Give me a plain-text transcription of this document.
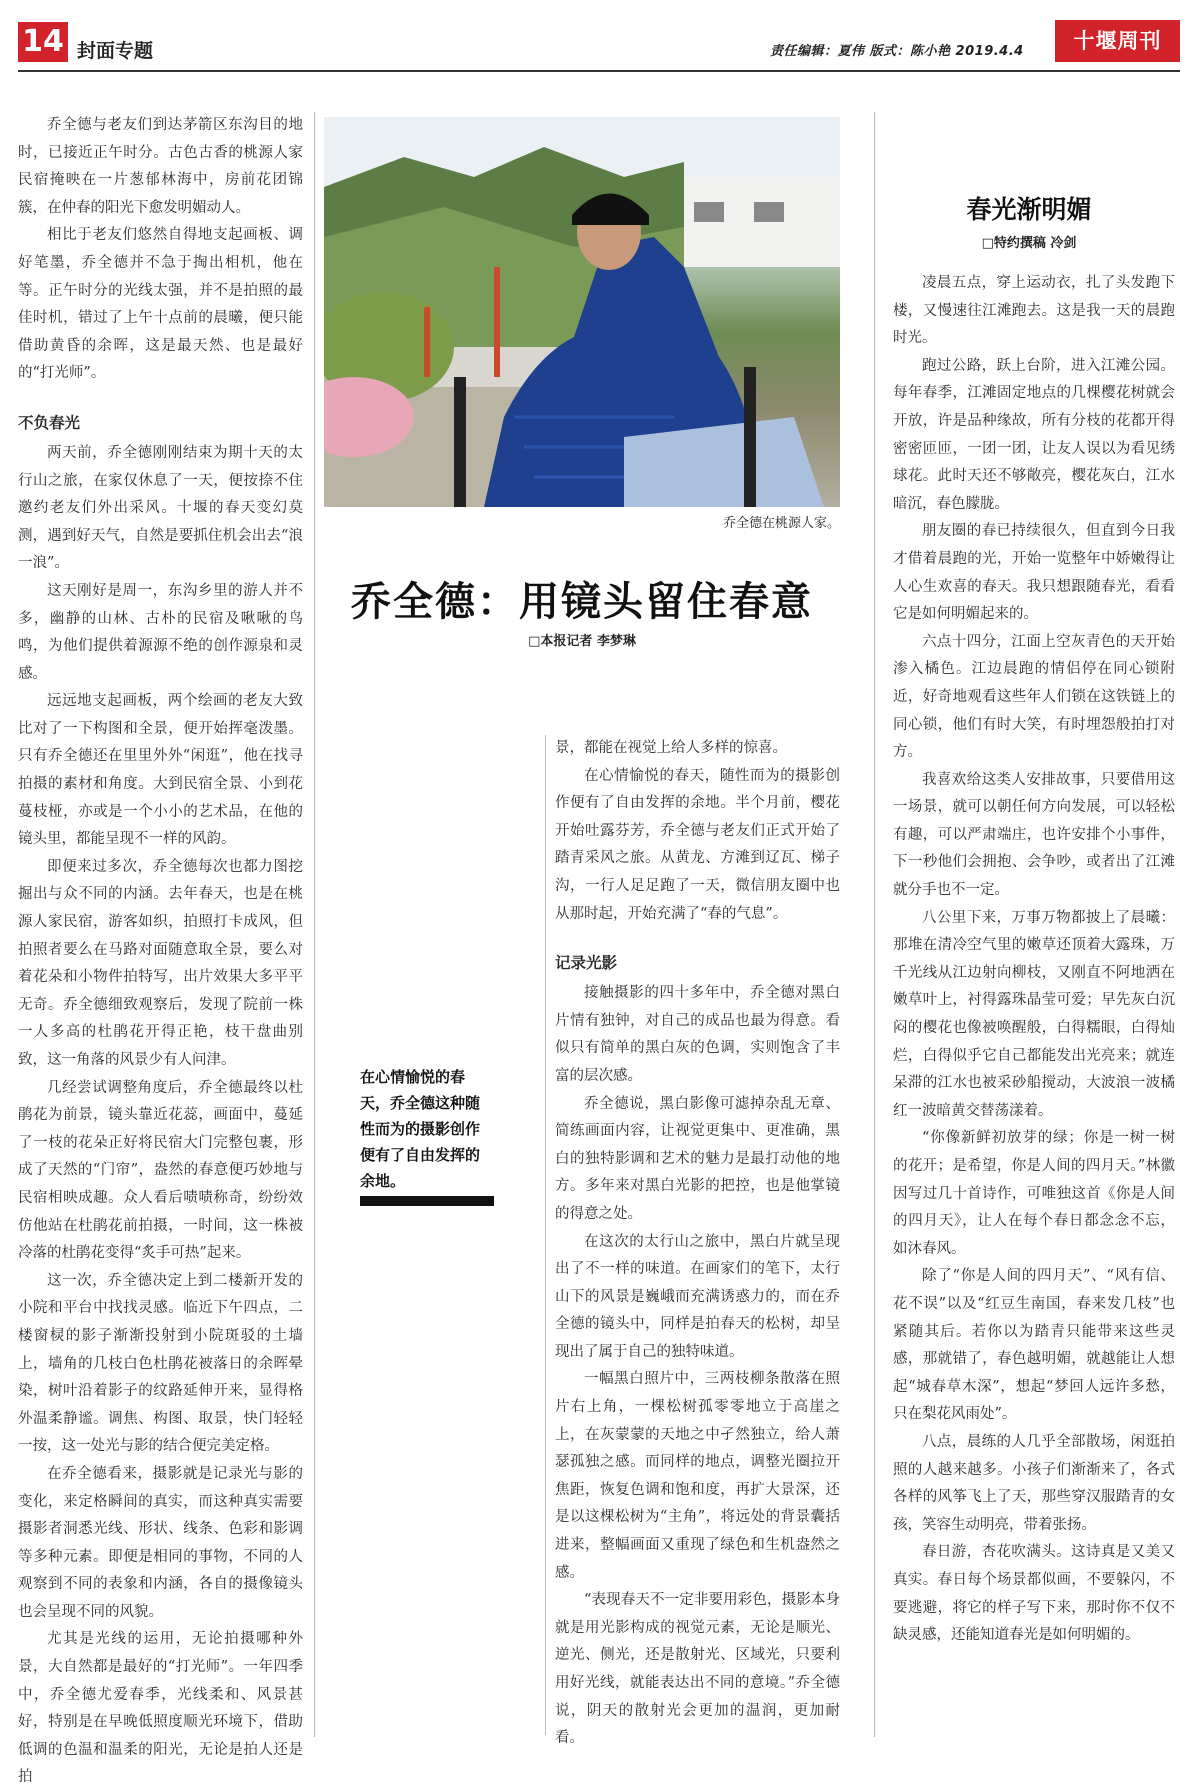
14 封面专题	责任编辑：夏伟 版式：陈小艳 2019.4.4	十堰周刊

乔全德与老友们到达茅箭区东沟目的地时，已接近正午时分。古色古香的桃源人家民宿掩映在一片葱郁林海中，房前花团锦簇，在仲春的阳光下愈发明媚动人。

相比于老友们悠然自得地支起画板、调好笔墨，乔全德并不急于掏出相机，他在等。正午时分的光线太强，并不是拍照的最佳时机，错过了上午十点前的晨曦，便只能借助黄昏的余晖，这是最天然、也是最好的“打光师”。

不负春光

两天前，乔全德刚刚结束为期十天的太行山之旅，在家仅休息了一天，便按捺不住邀约老友们外出采风。十堰的春天变幻莫测，遇到好天气，自然是要抓住机会出去“浪一浪”。

这天刚好是周一，东沟乡里的游人并不多，幽静的山林、古朴的民宿及啾啾的鸟鸣，为他们提供着源源不绝的创作源泉和灵感。

远远地支起画板，两个绘画的老友大致比对了一下构图和全景，便开始挥毫泼墨。只有乔全德还在里里外外“闲逛”，他在找寻拍摄的素材和角度。大到民宿全景、小到花蔓枝桠，亦或是一个小小的艺术品，在他的镜头里，都能呈现不一样的风韵。

即便来过多次，乔全德每次也都力图挖掘出与众不同的内涵。去年春天，也是在桃源人家民宿，游客如织，拍照打卡成风，但拍照者要么在马路对面随意取全景，要么对着花朵和小物件拍特写，出片效果大多平平无奇。乔全德细致观察后，发现了院前一株一人多高的杜鹃花开得正艳，枝干盘曲别致，这一角落的风景少有人问津。

几经尝试调整角度后，乔全德最终以杜鹃花为前景，镜头靠近花蕊，画面中，蔓延了一枝的花朵正好将民宿大门完整包裹，形成了天然的“门帘”，盎然的春意便巧妙地与民宿相映成趣。众人看后啧啧称奇，纷纷效仿他站在杜鹃花前拍摄，一时间，这一株被冷落的杜鹃花变得“炙手可热”起来。

这一次，乔全德决定上到二楼新开发的小院和平台中找找灵感。临近下午四点，二楼窗棂的影子渐渐投射到小院斑驳的土墙上，墙角的几枝白色杜鹃花被落日的余晖晕染，树叶沿着影子的纹路延伸开来，显得格外温柔静谧。调焦、构图、取景，快门轻轻一按，这一处光与影的结合便完美定格。

在乔全德看来，摄影就是记录光与影的变化，来定格瞬间的真实，而这种真实需要摄影者洞悉光线、形状、线条、色彩和影调等多种元素。即便是相同的事物，不同的人观察到不同的表象和内涵，各自的摄像镜头也会呈现不同的风貌。

尤其是光线的运用，无论拍摄哪种外景，大自然都是最好的“打光师”。一年四季中，乔全德尤爱春季，光线柔和、风景甚好，特别是在早晚低照度顺光环境下，借助低调的色温和温柔的阳光，无论是拍人还是拍

乔全德在桃源人家。
乔全德：用镜头留住春意
□本报记者 李梦琳
在心情愉悦的春天，乔全德这种随性而为的摄影创作便有了自由发挥的余地。

景，都能在视觉上给人多样的惊喜。

在心情愉悦的春天，随性而为的摄影创作便有了自由发挥的余地。半个月前，樱花开始吐露芬芳，乔全德与老友们正式开始了踏青采风之旅。从黄龙、方滩到辽瓦、梯子沟，一行人足足跑了一天，微信朋友圈中也从那时起，开始充满了“春的气息”。

记录光影

接触摄影的四十多年中，乔全德对黑白片情有独钟，对自己的成品也最为得意。看似只有简单的黑白灰的色调，实则饱含了丰富的层次感。

乔全德说，黑白影像可滤掉杂乱无章、简练画面内容，让视觉更集中、更准确，黑白的独特影调和艺术的魅力是最打动他的地方。多年来对黑白光影的把控，也是他掌镜的得意之处。

在这次的太行山之旅中，黑白片就呈现出了不一样的味道。在画家们的笔下，太行山下的风景是巍峨而充满诱惑力的，而在乔全德的镜头中，同样是拍春天的松树，却呈现出了属于自己的独特味道。

一幅黑白照片中，三两枝柳条散落在照片右上角，一棵松树孤零零地立于高崖之上，在灰蒙蒙的天地之中孑然独立，给人萧瑟孤独之感。而同样的地点，调整光圈拉开焦距，恢复色调和饱和度，再扩大景深，还是以这棵松树为“主角”，将远处的背景囊括进来，整幅画面又重现了绿色和生机盎然之感。

“表现春天不一定非要用彩色，摄影本身就是用光影构成的视觉元素，无论是顺光、逆光、侧光，还是散射光、区域光，只要利用好光线，就能表达出不同的意境。”乔全德说，阴天的散射光会更加的温润，更加耐看。

春光渐明媚
□特约撰稿 冷剑

凌晨五点，穿上运动衣，扎了头发跑下楼，又慢速往江滩跑去。这是我一天的晨跑时光。

跑过公路，跃上台阶，进入江滩公园。每年春季，江滩固定地点的几棵樱花树就会开放，许是品种缘故，所有分枝的花都开得密密匝匝，一团一团，让友人误以为看见绣球花。此时天还不够敞亮，樱花灰白，江水暗沉，春色朦胧。

朋友圈的春已持续很久，但直到今日我才借着晨跑的光，开始一览整年中娇嫩得让人心生欢喜的春天。我只想跟随春光，看看它是如何明媚起来的。

六点十四分，江面上空灰青色的天开始渗入橘色。江边晨跑的情侣停在同心锁附近，好奇地观看这些年人们锁在这铁链上的同心锁，他们有时大笑，有时埋怨般拍打对方。

我喜欢给这类人安排故事，只要借用这一场景，就可以朝任何方向发展，可以轻松有趣，可以严肃端庄，也许安排个小事件，下一秒他们会拥抱、会争吵，或者出了江滩就分手也不一定。

八公里下来，万事万物都披上了晨曦：那堆在清冷空气里的嫩草还顶着大露珠，万千光线从江边射向柳枝，又刚直不阿地洒在嫩草叶上，衬得露珠晶莹可爱；早先灰白沉闷的樱花也像被唤醒般，白得糯眼，白得灿烂，白得似乎它自己都能发出光亮来；就连呆滞的江水也被采砂船搅动，大波浪一波橘红一波暗黄交替荡漾着。

“你像新鲜初放芽的绿；你是一树一树的花开；是希望，你是人间的四月天。”林徽因写过几十首诗作，可唯独这首《你是人间的四月天》，让人在每个春日都念念不忘，如沐春风。

除了“你是人间的四月天”、“风有信、花不误”以及“红豆生南国，春来发几枝”也紧随其后。若你以为踏青只能带来这些灵感，那就错了，春色越明媚，就越能让人想起“城春草木深”，想起“梦回人远许多愁，只在梨花风雨处”。

八点，晨练的人几乎全部散场，闲逛拍照的人越来越多。小孩子们渐渐来了，各式各样的风筝飞上了天，那些穿汉服踏青的女孩，笑容生动明亮，带着张扬。

春日游，杏花吹满头。这诗真是又美又真实。春日每个场景都似画，不要躲闪，不要逃避，将它的样子写下来，那时你不仅不缺灵感，还能知道春光是如何明媚的。
